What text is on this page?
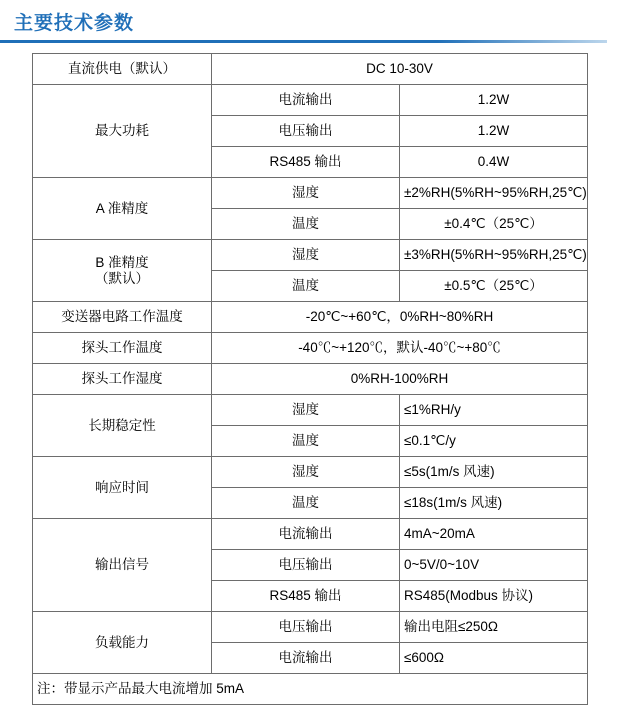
主要技术参数
直流供电（默认）	DC 10-30V	
最大功耗	电流输出	1.2W
	电压输出	1.2W
	RS485 输出	0.4W
A 准精度	湿度	±2%RH(5%RH~95%RH,25℃)
	温度	±0.4℃（25℃）

B 准精度
（默认）	湿度	±3%RH(5%RH~95%RH,25℃)
	温度	±0.5℃（25℃）
变送器电路工作温度	-20℃~+60℃，0%RH~80%RH	
探头工作温度	-40℃~+120℃，默认-40℃~+80℃	
探头工作湿度	0%RH-100%RH	
长期稳定性	湿度	≤1%RH/y
	温度	≤0.1℃/y
响应时间	湿度	≤5s(1m/s 风速)
	温度	≤18s(1m/s 风速)
输出信号	电流输出	4mA~20mA
	电压输出	0~5V/0~10V
	RS485 输出	RS485(Modbus 协议)
负载能力	电压输出	输出电阻≤250Ω
	电流输出	≤600Ω
注：带显示产品最大电流增加 5mA		
